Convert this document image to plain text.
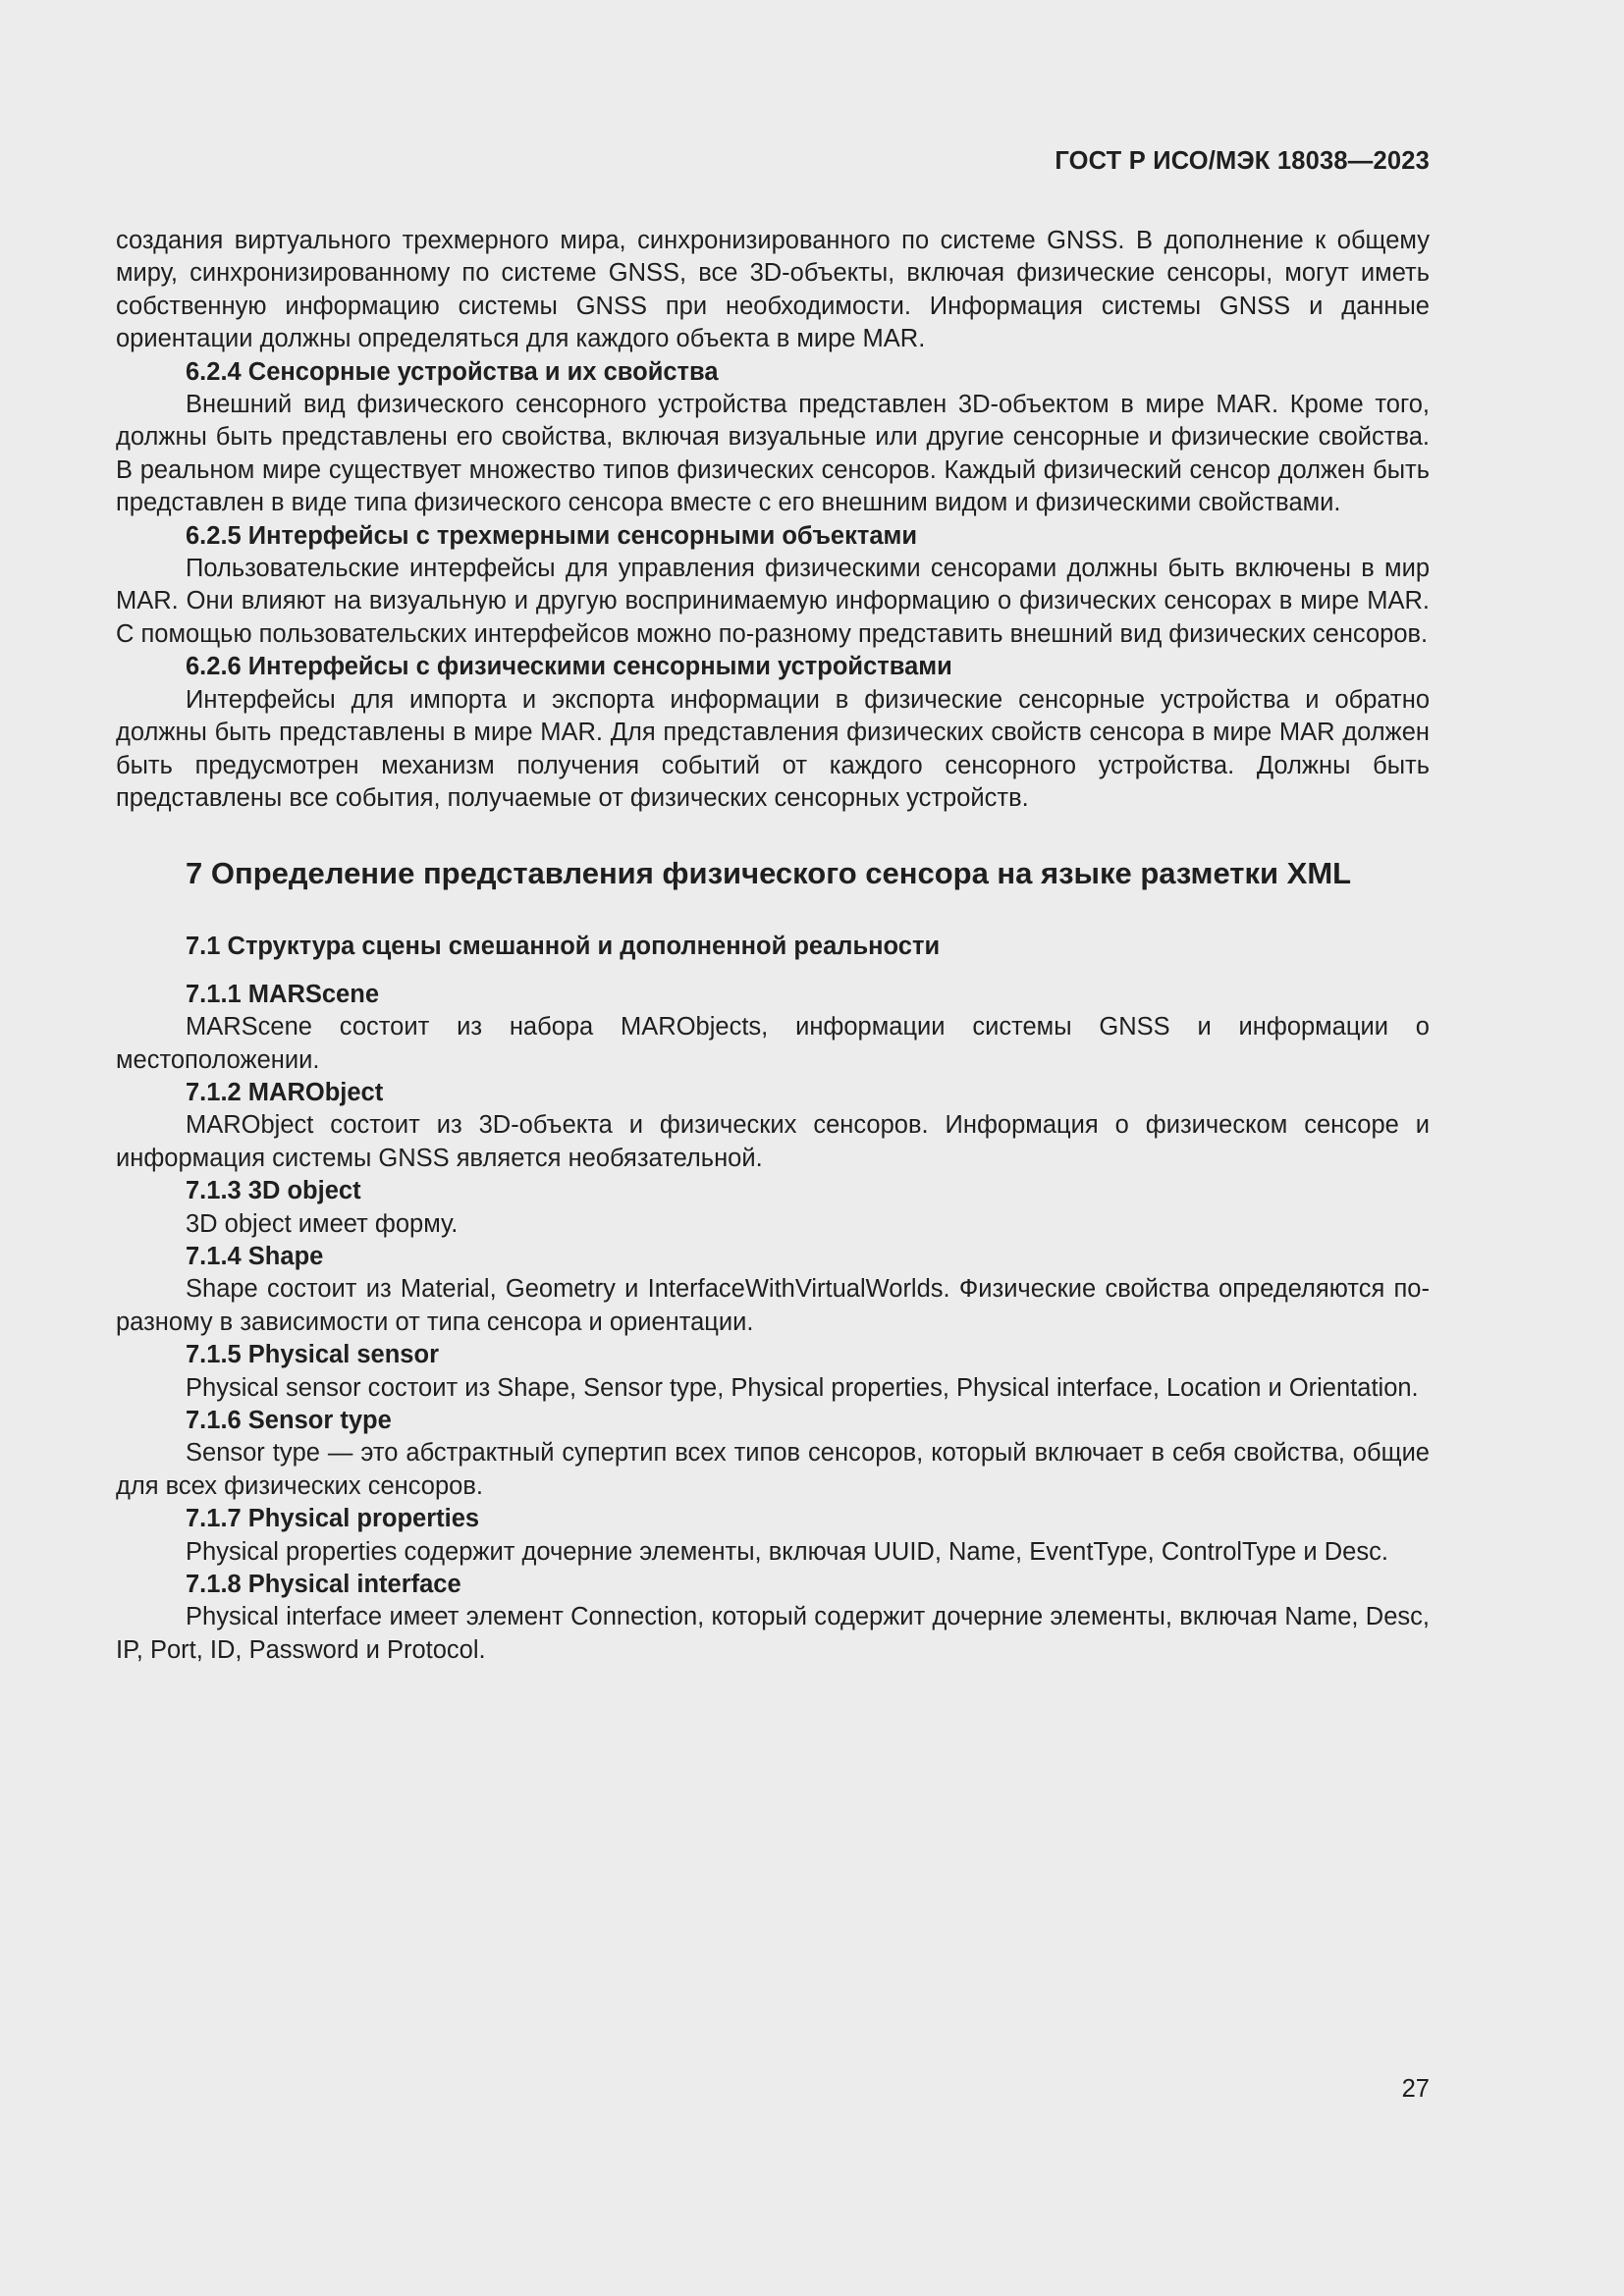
ГОСТ Р ИСО/МЭК 18038—2023

создания виртуального трехмерного мира, синхронизированного по системе GNSS. В дополнение к общему миру, синхронизированному по системе GNSS, все 3D-объекты, включая физические сенсоры, могут иметь собственную информацию системы GNSS при необходимости. Информация системы GNSS и данные ориентации должны определяться для каждого объекта в мире MAR.

6.2.4 Сенсорные устройства и их свойства

Внешний вид физического сенсорного устройства представлен 3D-объектом в мире MAR. Кроме того, должны быть представлены его свойства, включая визуальные или другие сенсорные и физические свойства. В реальном мире существует множество типов физических сенсоров. Каждый физический сенсор должен быть представлен в виде типа физического сенсора вместе с его внешним видом и физическими свойствами.

6.2.5 Интерфейсы с трехмерными сенсорными объектами

Пользовательские интерфейсы для управления физическими сенсорами должны быть включены в мир MAR. Они влияют на визуальную и другую воспринимаемую информацию о физических сенсорах в мире MAR. С помощью пользовательских интерфейсов можно по-разному представить внешний вид физических сенсоров.

6.2.6 Интерфейсы с физическими сенсорными устройствами

Интерфейсы для импорта и экспорта информации в физические сенсорные устройства и обратно должны быть представлены в мире MAR. Для представления физических свойств сенсора в мире MAR должен быть предусмотрен механизм получения событий от каждого сенсорного устройства. Должны быть представлены все события, получаемые от физических сенсорных устройств.

7 Определение представления физического сенсора на языке разметки XML
7.1 Структура сцены смешанной и дополненной реальности
7.1.1 MARScene

MARScene состоит из набора MARObjects, информации системы GNSS и информации о местоположении.

7.1.2 MARObject

MARObject состоит из 3D-объекта и физических сенсоров. Информация о физическом сенсоре и информация системы GNSS является необязательной.

7.1.3 3D object

3D object имеет форму.

7.1.4 Shape

Shape состоит из Material, Geometry и InterfaceWithVirtualWorlds. Физические свойства определяются по-разному в зависимости от типа сенсора и ориентации.

7.1.5 Physical sensor

Physical sensor состоит из Shape, Sensor type, Physical properties, Physical interface, Location и Orientation.

7.1.6 Sensor type

Sensor type — это абстрактный супертип всех типов сенсоров, который включает в себя свойства, общие для всех физических сенсоров.

7.1.7 Physical properties

Physical properties содержит дочерние элементы, включая UUID, Name, EventType, ControlType и Desc.

7.1.8 Physical interface

Physical interface имеет элемент Connection, который содержит дочерние элементы, включая Name, Desc, IP, Port, ID, Password и Protocol.

27
